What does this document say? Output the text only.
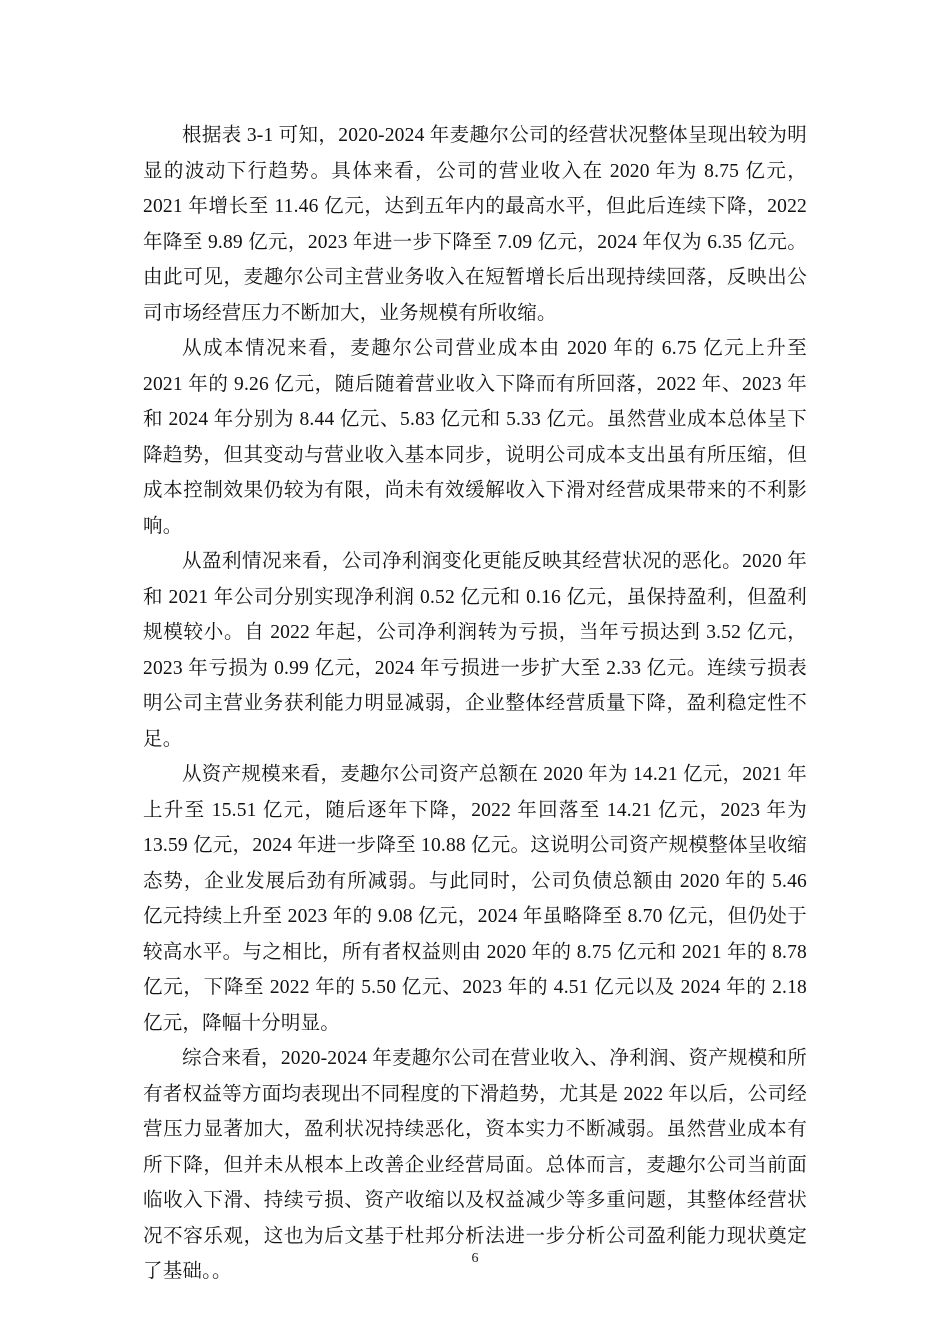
根据表 3-1 可知，2020-2024 年麦趣尔公司的经营状况整体呈现出较为明显的波动下行趋势。具体来看，公司的营业收入在 2020 年为 8.75 亿元，2021 年增长至 11.46 亿元，达到五年内的最高水平，但此后连续下降，2022 年降至 9.89 亿元，2023 年进一步下降至 7.09 亿元，2024 年仅为 6.35 亿元。由此可见，麦趣尔公司主营业务收入在短暂增长后出现持续回落，反映出公司市场经营压力不断加大，业务规模有所收缩。

从成本情况来看，麦趣尔公司营业成本由 2020 年的 6.75 亿元上升至 2021 年的 9.26 亿元，随后随着营业收入下降而有所回落，2022 年、2023 年和 2024 年分别为 8.44 亿元、5.83 亿元和 5.33 亿元。虽然营业成本总体呈下降趋势，但其变动与营业收入基本同步，说明公司成本支出虽有所压缩，但成本控制效果仍较为有限，尚未有效缓解收入下滑对经营成果带来的不利影响。

从盈利情况来看，公司净利润变化更能反映其经营状况的恶化。2020 年和 2021 年公司分别实现净利润 0.52 亿元和 0.16 亿元，虽保持盈利，但盈利规模较小。自 2022 年起，公司净利润转为亏损，当年亏损达到 3.52 亿元，2023 年亏损为 0.99 亿元，2024 年亏损进一步扩大至 2.33 亿元。连续亏损表明公司主营业务获利能力明显减弱，企业整体经营质量下降，盈利稳定性不足。

从资产规模来看，麦趣尔公司资产总额在 2020 年为 14.21 亿元，2021 年上升至 15.51 亿元，随后逐年下降，2022 年回落至 14.21 亿元，2023 年为 13.59 亿元，2024 年进一步降至 10.88 亿元。这说明公司资产规模整体呈收缩态势，企业发展后劲有所减弱。与此同时，公司负债总额由 2020 年的 5.46 亿元持续上升至 2023 年的 9.08 亿元，2024 年虽略降至 8.70 亿元，但仍处于较高水平。与之相比，所有者权益则由 2020 年的 8.75 亿元和 2021 年的 8.78 亿元，下降至 2022 年的 5.50 亿元、2023 年的 4.51 亿元以及 2024 年的 2.18 亿元，降幅十分明显。

综合来看，2020-2024 年麦趣尔公司在营业收入、净利润、资产规模和所有者权益等方面均表现出不同程度的下滑趋势，尤其是 2022 年以后，公司经营压力显著加大，盈利状况持续恶化，资本实力不断减弱。虽然营业成本有所下降，但并未从根本上改善企业经营局面。总体而言，麦趣尔公司当前面临收入下滑、持续亏损、资产收缩以及权益减少等多重问题，其整体经营状况不容乐观，这也为后文基于杜邦分析法进一步分析公司盈利能力现状奠定了基础。。

6
